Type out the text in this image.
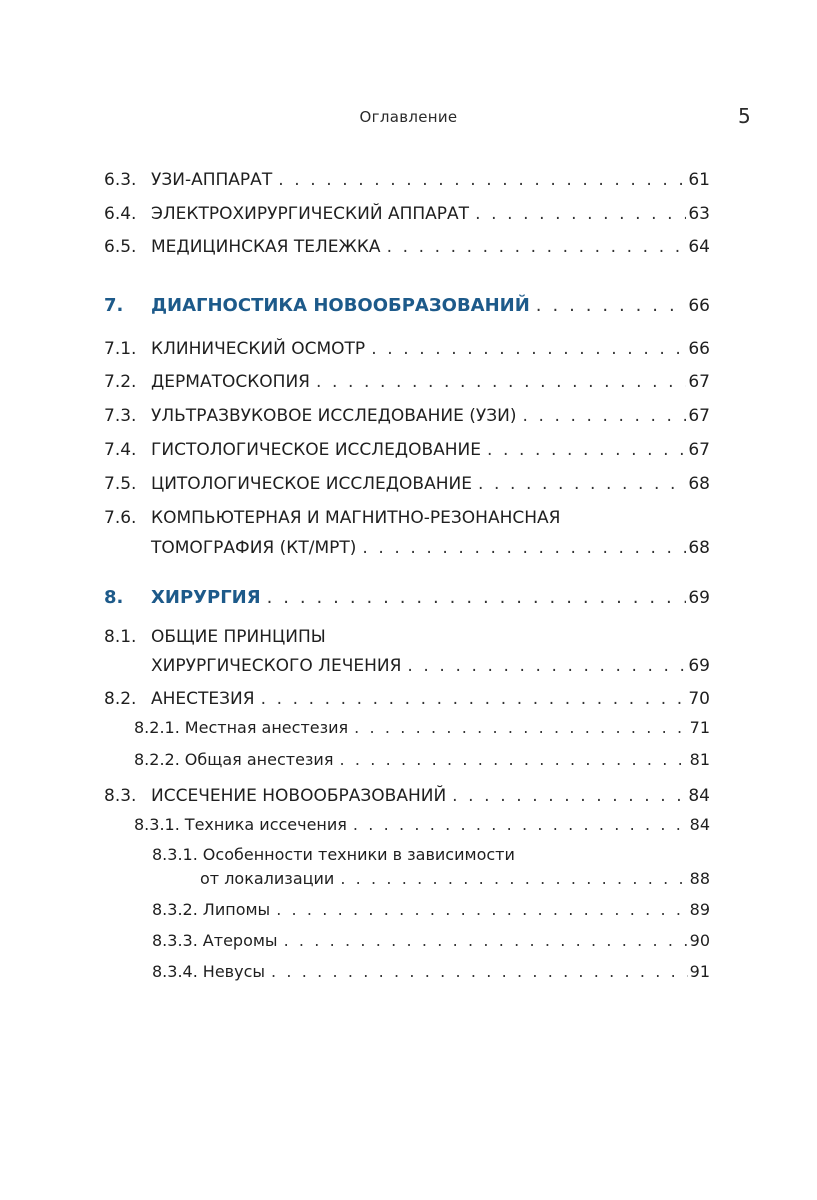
Оглавление	5
6.3. УЗИ-АППАРАТ . . .	61
6.4. ЭЛЕКТРОХИРУРГИЧЕСКИЙ АППАРАТ . . .	63
6.5. МЕДИЦИНСКАЯ ТЕЛЕЖКА . . .	64
7.	ДИАГНОСТИКА НОВООБРАЗОВАНИЙ . . .	66
7.1. КЛИНИЧЕСКИЙ ОСМОТР . . .	66
7.2. ДЕРМАТОСКОПИЯ . . .	67
7.3. УЛЬТРАЗВУКОВОЕ ИССЛЕДОВАНИЕ (УЗИ) . . .	67
7.4. ГИСТОЛОГИЧЕСКОЕ ИССЛЕДОВАНИЕ . . .	67
7.5. ЦИТОЛОГИЧЕСКОЕ ИССЛЕДОВАНИЕ . . .	68
7.6. КОМПЬЮТЕРНАЯ И МАГНИТНО-РЕЗОНАНСНАЯ
ТОМОГРАФИЯ (КТ/МРТ) . . .	68
8.	ХИРУРГИЯ . . .	69
8.1. ОБЩИЕ ПРИНЦИПЫ
ХИРУРГИЧЕСКОГО ЛЕЧЕНИЯ . . .	69
8.2. АНЕСТЕЗИЯ . . .	70
8.2.1. Местная анестезия . . .	71
8.2.2. Общая анестезия . . .	81
8.3. ИССЕЧЕНИЕ НОВООБРАЗОВАНИЙ . . .	84
8.3.1. Техника иссечения . . .	84
8.3.1. Особенности техники в зависимости
от локализации . . .	88
8.3.2. Липомы . . .	89
8.3.3. Атеромы . . .	90
8.3.4. Невусы . . .	91
